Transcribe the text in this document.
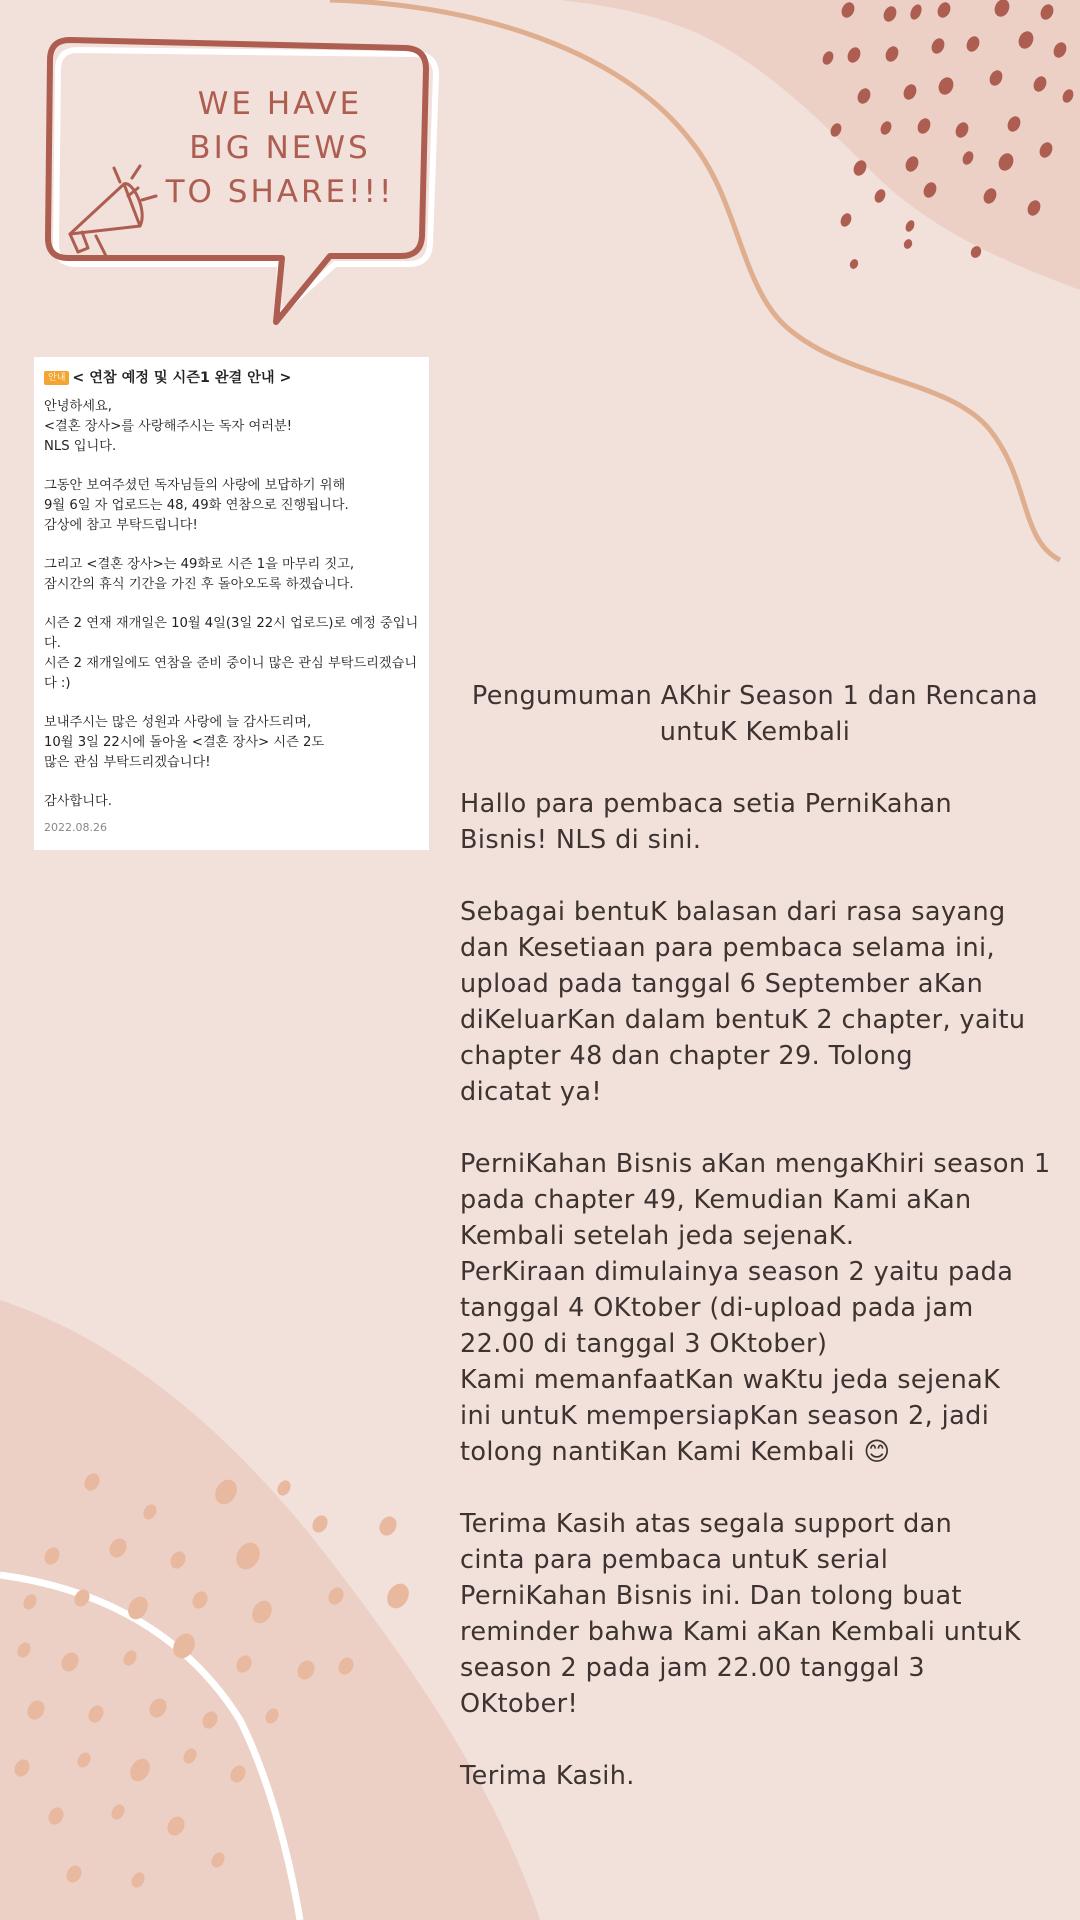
WE HAVE
BIG NEWS
TO SHARE!!!
안내 < 연참 예정 및 시즌1 완결 안내 >
안녕하세요,
<결혼 장사>를 사랑해주시는 독자 여러분!
NLS 입니다.
그동안 보여주셨던 독자님들의 사랑에 보답하기 위해
9월 6일 자 업로드는 48, 49화 연참으로 진행됩니다.
감상에 참고 부탁드립니다!
그리고 <결혼 장사>는 49화로 시즌 1을 마무리 짓고,
잠시간의 휴식 기간을 가진 후 돌아오도록 하겠습니다.
시즌 2 연재 재개일은 10월 4일(3일 22시 업로드)로 예정 중입니
다.
시즌 2 재개일에도 연참을 준비 중이니 많은 관심 부탁드리겠습니
다 :)
보내주시는 많은 성원과 사랑에 늘 감사드리며,
10월 3일 22시에 돌아올 <결혼 장사> 시즌 2도
많은 관심 부탁드리겠습니다!
감사합니다.
2022.08.26
Pengumuman AKhir Season 1 dan Rencana
untuK Kembali
Hallo para pembaca setia PerniKahan
Bisnis! NLS di sini.
Sebagai bentuK balasan dari rasa sayang
dan Kesetiaan para pembaca selama ini,
upload pada tanggal 6 September aKan
diKeluarKan dalam bentuK 2 chapter, yaitu
chapter 48 dan chapter 29. Tolong
dicatat ya!
PerniKahan Bisnis aKan mengaKhiri season 1
pada chapter 49, Kemudian Kami aKan
Kembali setelah jeda sejenaK.
PerKiraan dimulainya season 2 yaitu pada
tanggal 4 OKtober (di-upload pada jam
22.00 di tanggal 3 OKtober)
Kami memanfaatKan waKtu jeda sejenaK
ini untuK mempersiapKan season 2, jadi
tolong nantiKan Kami Kembali 😊
Terima Kasih atas segala support dan
cinta para pembaca untuK serial
PerniKahan Bisnis ini. Dan tolong buat
reminder bahwa Kami aKan Kembali untuK
season 2 pada jam 22.00 tanggal 3
OKtober!
Terima Kasih.
